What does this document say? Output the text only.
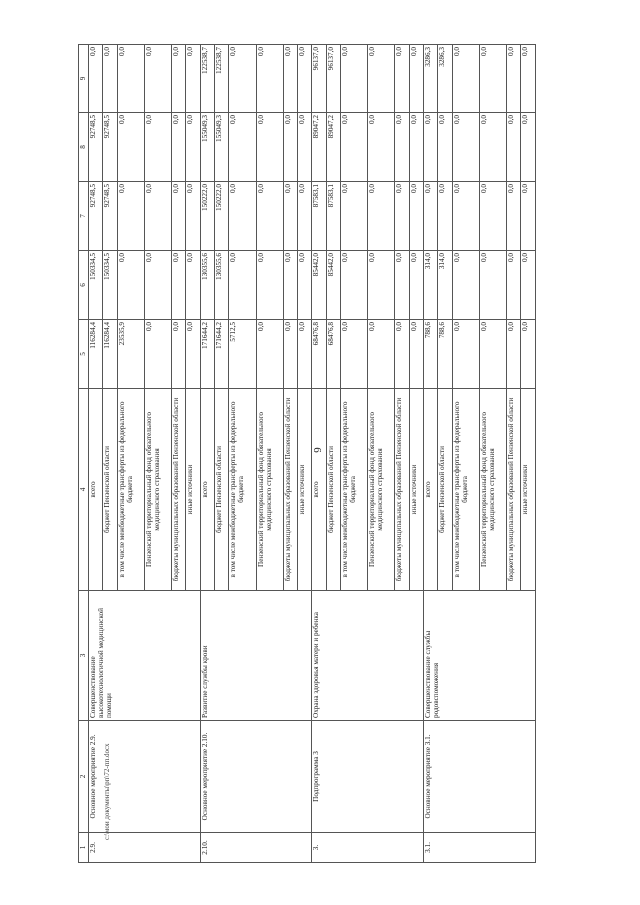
6
c:\мои документы\рп\72-пп.docx
1	2	3	4	5	6	7	8	9
2.9.	Основное мероприятие 2.9.	Совершенствование высокотехнологичной медицинской помощи	всего	116284,4	150334,5	92748,5	92748,5	0,0
			бюджет Пензенской области	116284,4	150334,5	92748,5	92748,5	0,0
			в том числе межбюджетные трансферты из федерального бюджета	23535,9	0,0	0,0	0,0	0,0
			Пензенский территориальный фонд обязательного медицинского страхования	0,0	0,0	0,0	0,0	0,0
			бюджеты муниципальных образований Пензенской области	0,0	0,0	0,0	0,0	0,0
			иные источники	0,0	0,0	0,0	0,0	0,0
2.10.	Основное мероприятие 2.10.	Развитие службы крови	всего	171644,2	130355,6	150222,0	155049,3	122538,7
			бюджет Пензенской области	171644,2	130355,6	150222,0	155049,3	122538,7
			в том числе межбюджетные трансферты из федерального бюджета	5712,5	0,0	0,0	0,0	0,0
			Пензенский территориальный фонд обязательного медицинского страхования	0,0	0,0	0,0	0,0	0,0
			бюджеты муниципальных образований Пензенской области	0,0	0,0	0,0	0,0	0,0
			иные источники	0,0	0,0	0,0	0,0	0,0
3.	Подпрограмма 3	Охрана здоровья матери и ребенка	всего	68476,8	85442,0	87583,1	89047,2	96137,0
			бюджет Пензенской области	68476,8	85442,0	87583,1	89047,2	96137,0
			в том числе межбюджетные трансферты из федерального бюджета	0,0	0,0	0,0	0,0	0,0
			Пензенский территориальный фонд обязательного медицинского страхования	0,0	0,0	0,0	0,0	0,0
			бюджеты муниципальных образований Пензенской области	0,0	0,0	0,0	0,0	0,0
			иные источники	0,0	0,0	0,0	0,0	0,0
3.1.	Основное мероприятие 3.1.	Совершенствование службы родовспоможения	всего	788,6	314,0	0,0	0,0	3286,3
			бюджет Пензенской области	788,6	314,0	0,0	0,0	3286,3
			в том числе межбюджетные трансферты из федерального бюджета	0,0	0,0	0,0	0,0	0,0
			Пензенский территориальный фонд обязательного медицинского страхования	0,0	0,0	0,0	0,0	0,0
			бюджеты муниципальных образований Пензенской области	0,0	0,0	0,0	0,0	0,0
			иные источники	0,0	0,0	0,0	0,0	0,0
